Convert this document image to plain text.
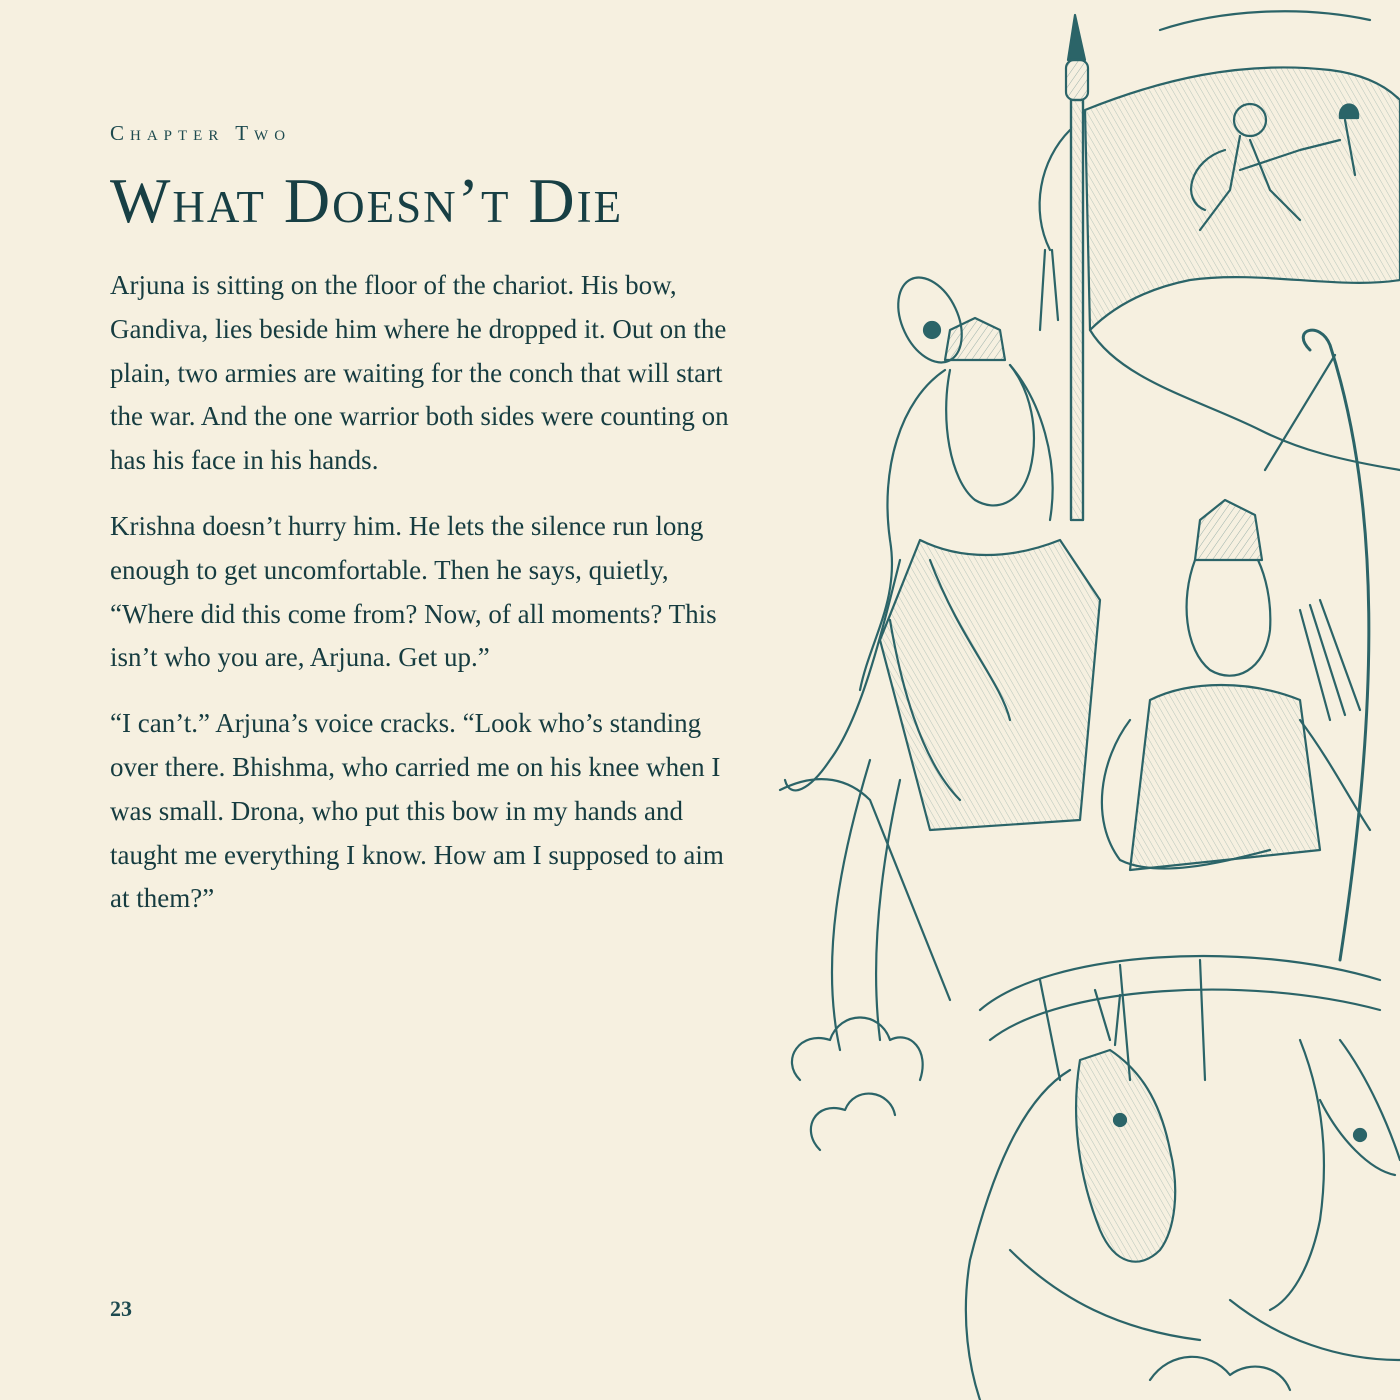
Chapter Two

What Doesn’t Die

Arjuna is sitting on the floor of the chariot. His bow, Gandiva, lies beside him where he dropped it. Out on the plain, two armies are waiting for the conch that will start the war. And the one warrior both sides were counting on has his face in his hands.

Krishna doesn’t hurry him. He lets the silence run long enough to get uncomfortable. Then he says, quietly, “Where did this come from? Now, of all moments? This isn’t who you are, Arjuna. Get up.”

“I can’t.” Arjuna’s voice cracks. “Look who’s standing over there. Bhishma, who carried me on his knee when I was small. Drona, who put this bow in my hands and taught me everything I know. How am I supposed to aim at them?”

23
